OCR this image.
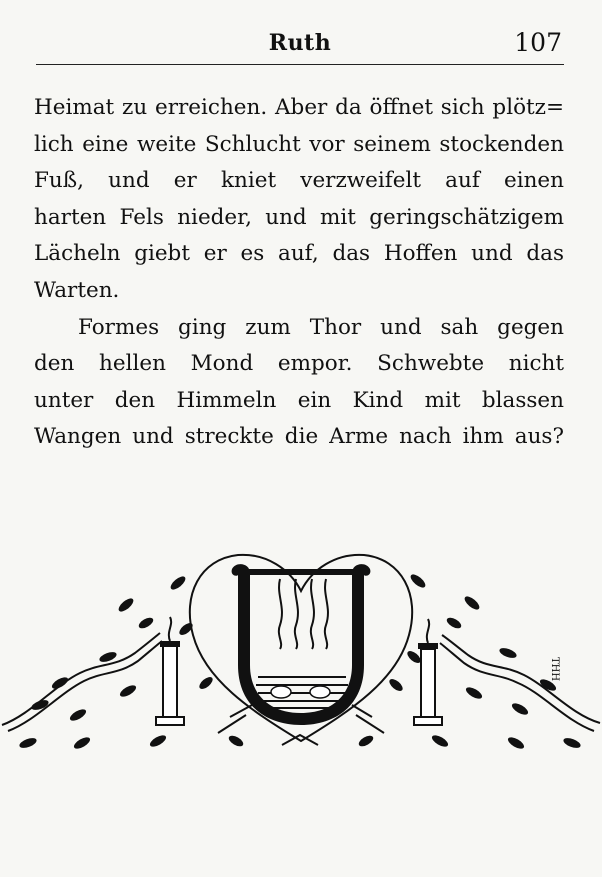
Ruth	107
Heimat zu erreichen. Aber da öffnet sich plötz=
lich eine weite Schlucht vor seinem stockenden
Fuß, und er kniet verzweifelt auf einen
harten Fels nieder, und mit geringschätzigem
Lächeln giebt er es auf, das Hoffen und das
Warten.
Formes ging zum Thor und sah gegen
den hellen Mond empor. Schwebte nicht
unter den Himmeln ein Kind mit blassen
Wangen und streckte die Arme nach ihm aus?
THH
